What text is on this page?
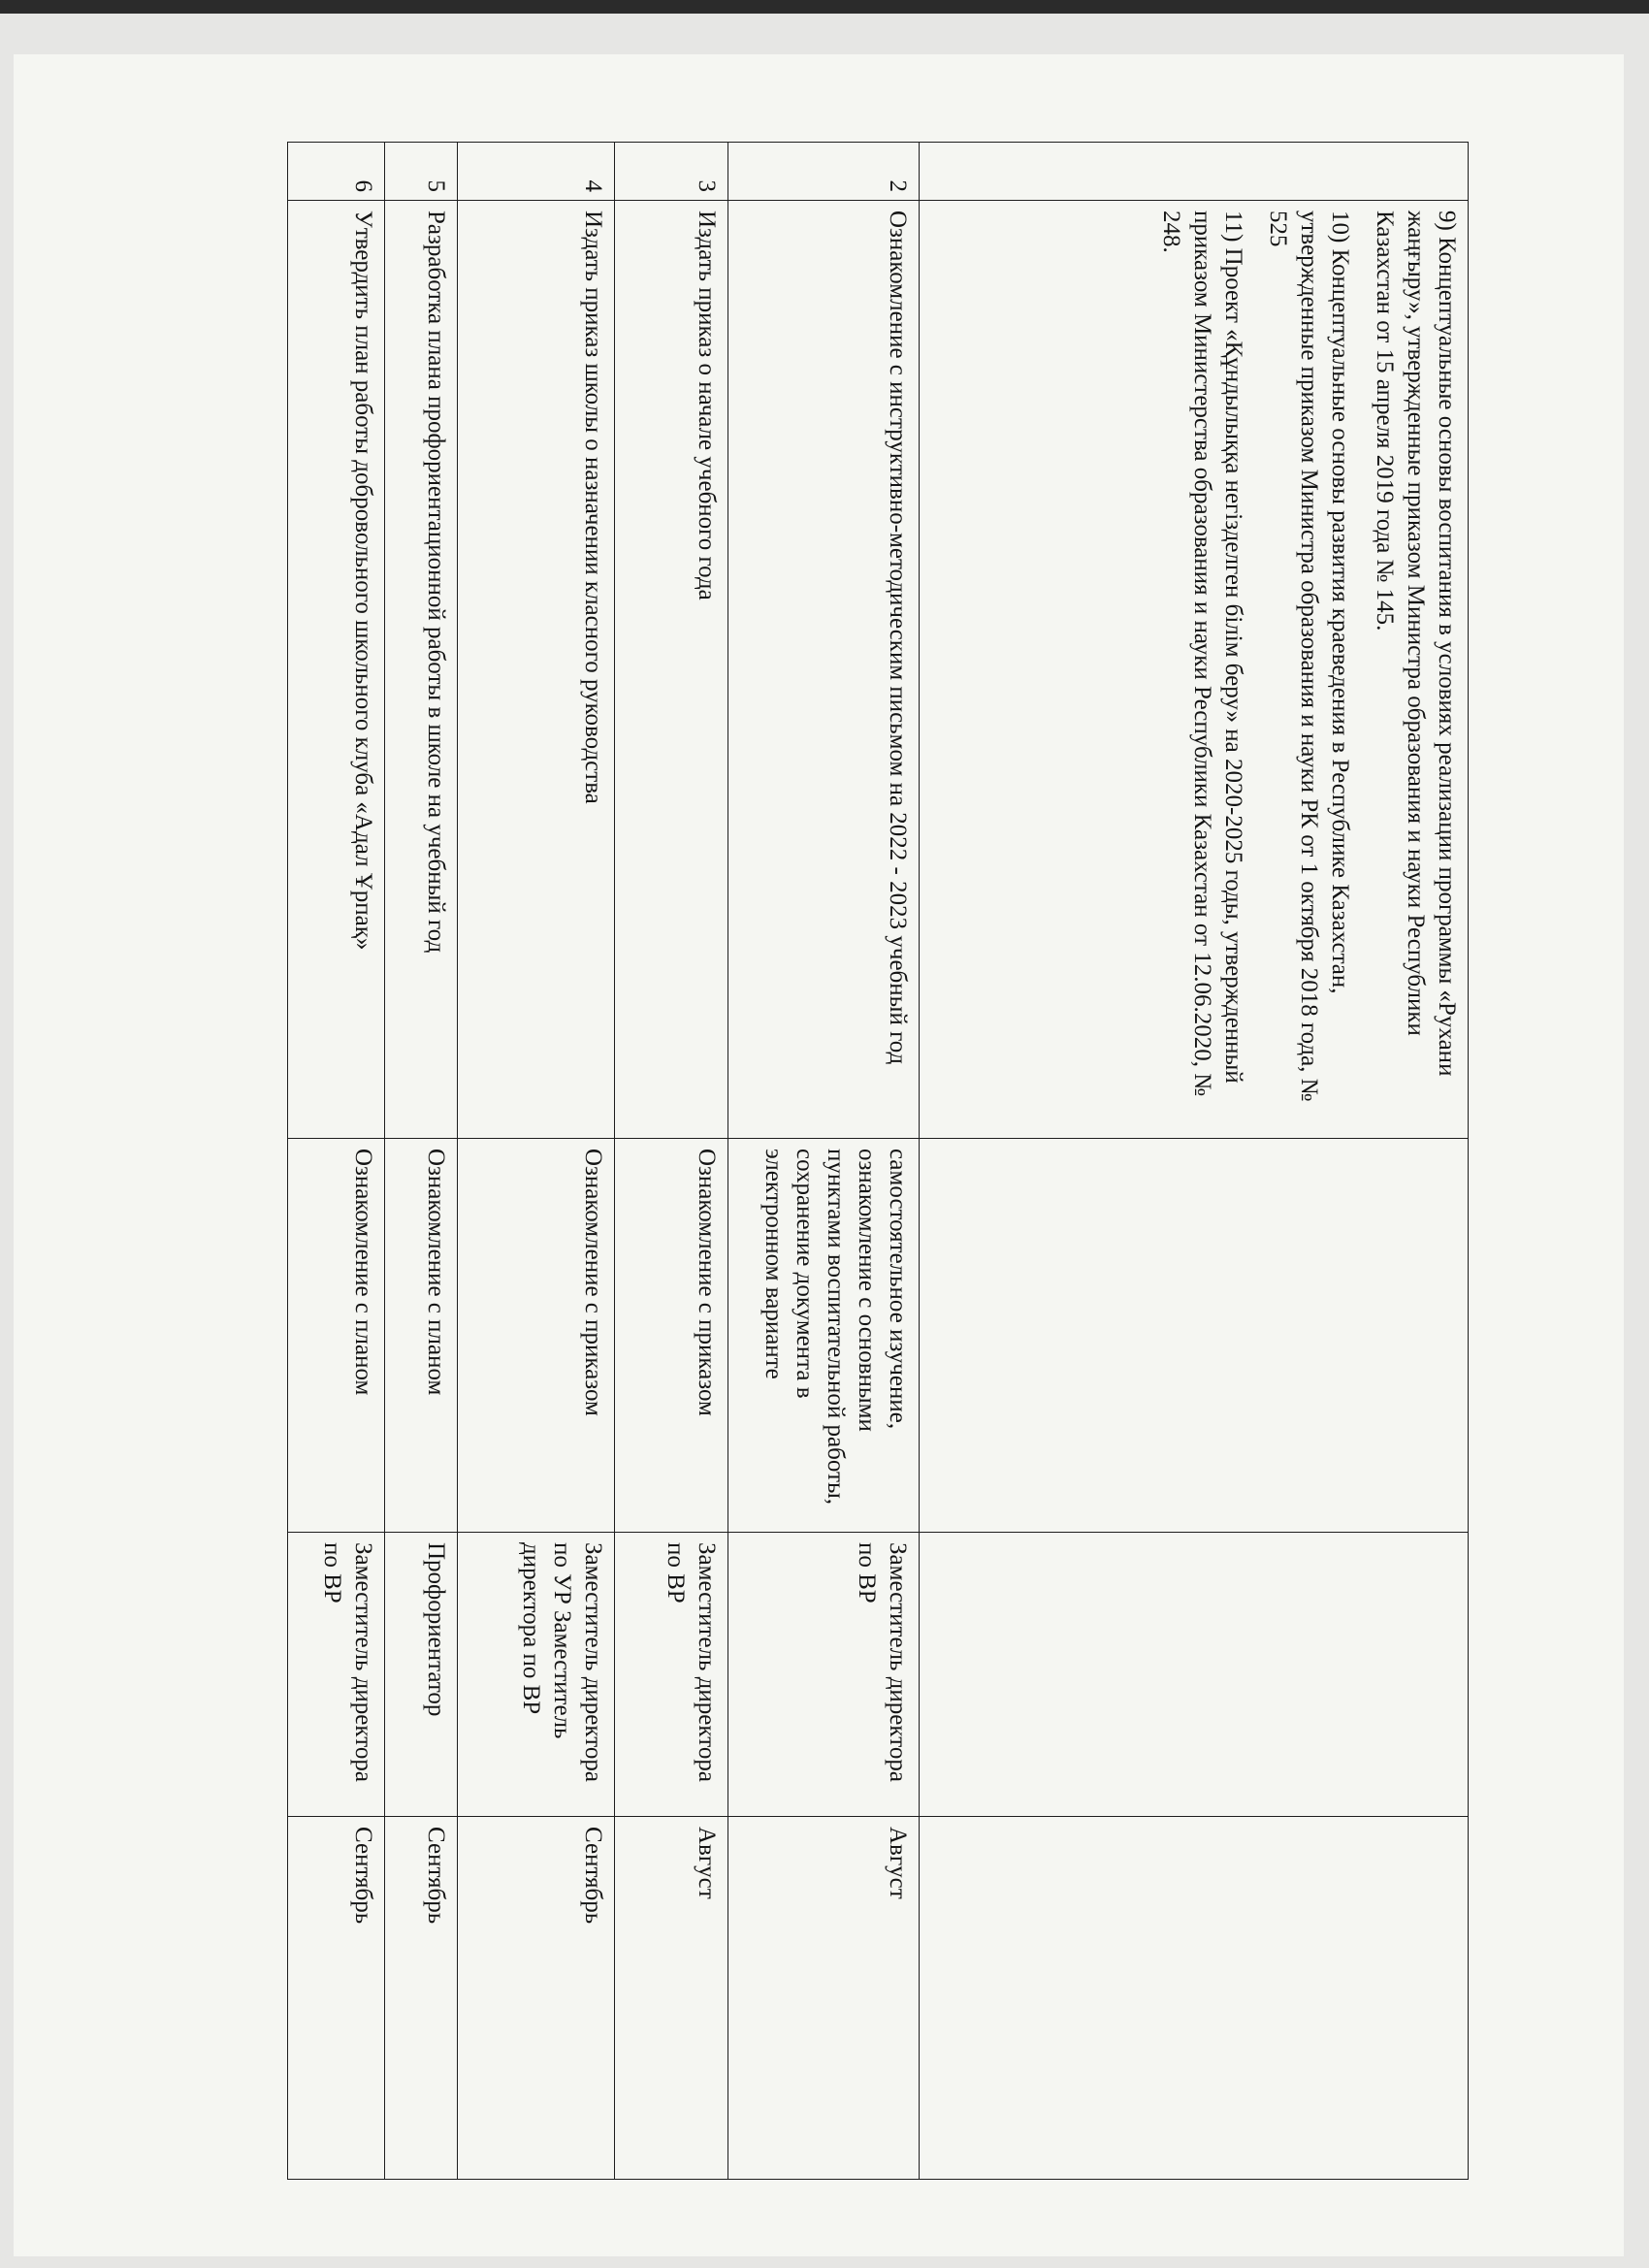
	9) Концептуальные основы воспитания в условиях реализации программы «Рухани жаңғыру», утвержденные приказом Министра образования и науки Республики Казахстан от 15 апреля 2019 года № 145.

10) Концептуальные основы развития краеведения в Республике Казахстан, утвержденные приказом Министра образования и науки РК от 1 октября 2018 года, № 525

11) Проект «Құндылыққа негізделген білім беру» на 2020-2025 годы, утвержденный приказом Министерства образования и науки Республики Казахстан от 12.06.2020, № 248.			

2	Ознакомление с инструктивно-методическим письмом на 2022 - 2023 учебный год	самостоятельное изучение, ознакомление с основными пунктами воспитательной работы, сохранение документа в электронном варианте	Заместитель директора по ВР	Август
3	Издать приказ о начале учебного года	Ознакомление с приказом	Заместитель директора по ВР	Август
4	Издать приказ школы о назначении класного руководства	Ознакомление с приказом	Заместитель директора по УР Заместитель директора по ВР	Сентябрь
5	Разработка плана профориентационной работы в школе на учебный год	Ознакомление с планом	Профориентатор	Сентябрь
6	Утвердить план работы добровольного школьного клуба «Адал Ұрпақ»	Ознакомление с планом	Заместитель директора по ВР	Сентябрь
